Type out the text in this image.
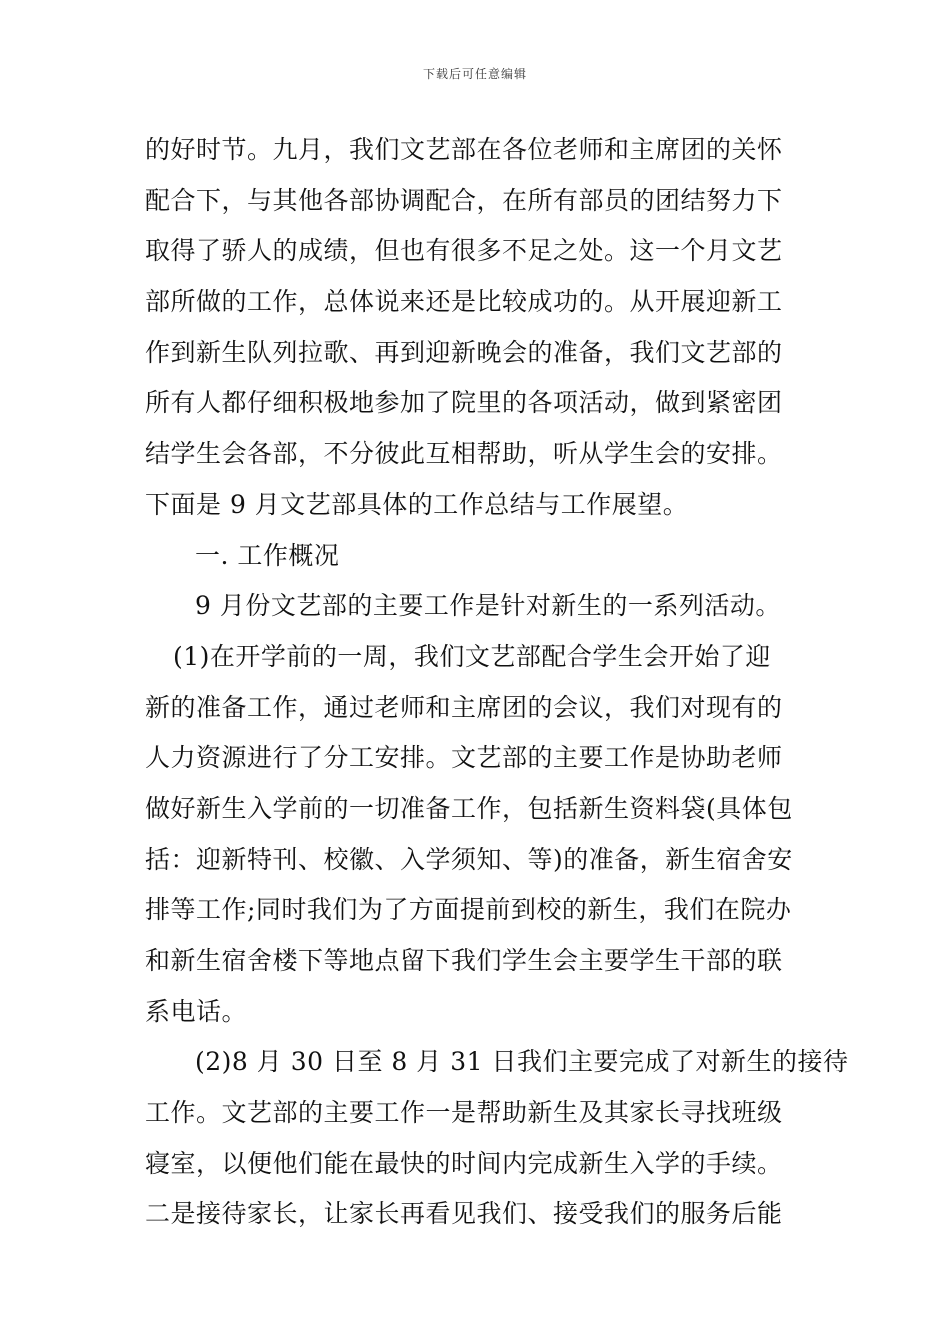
下载后可任意编辑
的好时节。九月，我们文艺部在各位老师和主席团的关怀
配合下，与其他各部协调配合，在所有部员的团结努力下
取得了骄人的成绩，但也有很多不足之处。这一个月文艺
部所做的工作，总体说来还是比较成功的。从开展迎新工
作到新生队列拉歌、再到迎新晚会的准备，我们文艺部的
所有人都仔细积极地参加了院里的各项活动，做到紧密团
结学生会各部，不分彼此互相帮助，听从学生会的安排。
下面是 9 月文艺部具体的工作总结与工作展望。
一. 工作概况
9 月份文艺部的主要工作是针对新生的一系列活动。
(1)在开学前的一周，我们文艺部配合学生会开始了迎
新的准备工作，通过老师和主席团的会议，我们对现有的
人力资源进行了分工安排。文艺部的主要工作是协助老师
做好新生入学前的一切准备工作，包括新生资料袋(具体包
括：迎新特刊、校徽、入学须知、等)的准备，新生宿舍安
排等工作;同时我们为了方面提前到校的新生，我们在院办
和新生宿舍楼下等地点留下我们学生会主要学生干部的联
系电话。
(2)8 月 30 日至 8 月 31 日我们主要完成了对新生的接待
工作。文艺部的主要工作一是帮助新生及其家长寻找班级
寝室，以便他们能在最快的时间内完成新生入学的手续。
二是接待家长，让家长再看见我们、接受我们的服务后能
